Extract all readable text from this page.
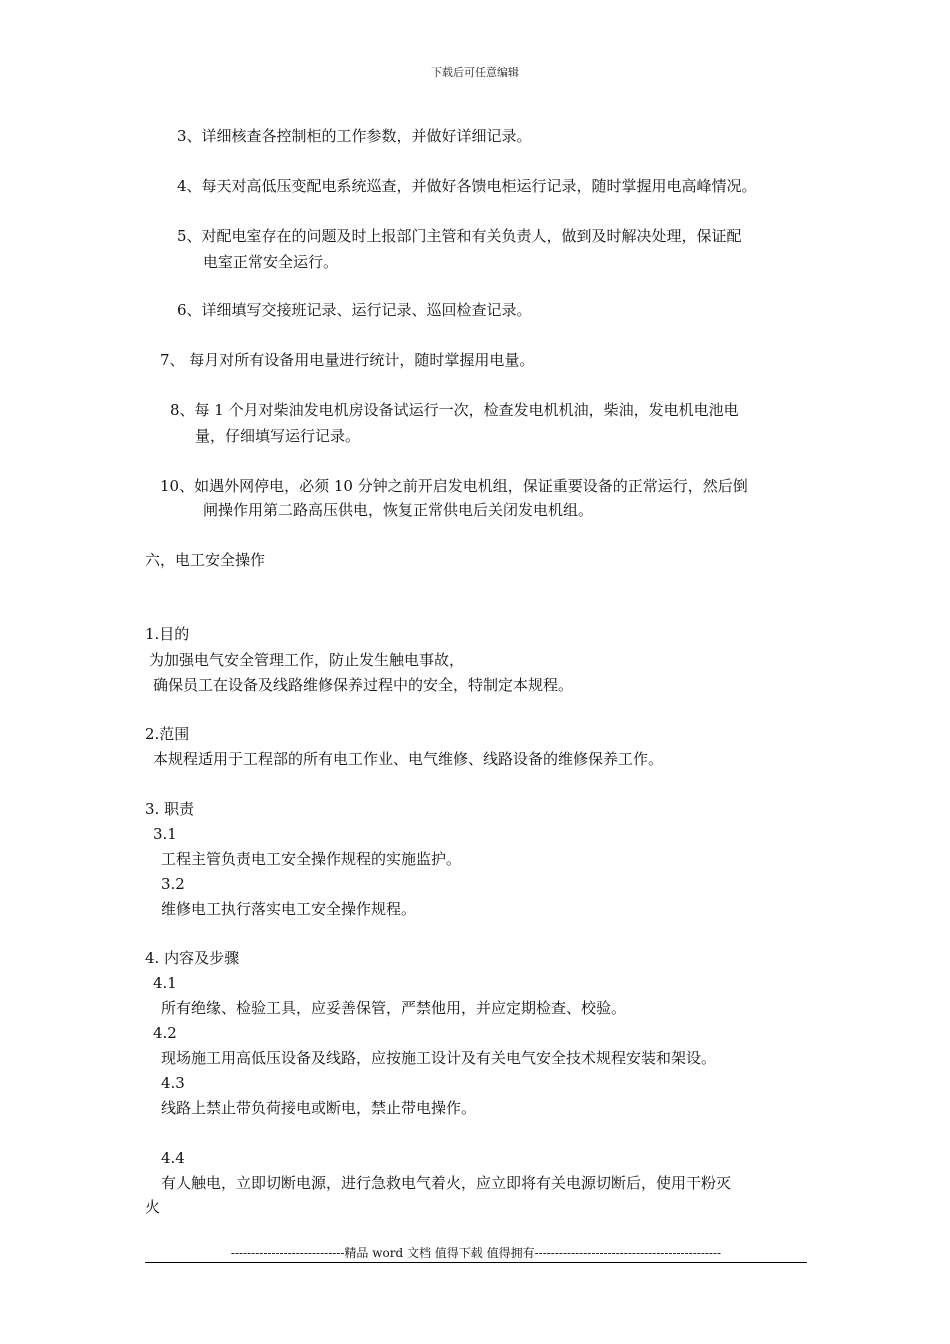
下载后可任意编辑

3、详细核查各控制柜的工作参数，并做好详细记录。

4、每天对高低压变配电系统巡查，并做好各馈电柜运行记录，随时掌握用电高峰情况。

5、对配电室存在的问题及时上报部门主管和有关负责人，做到及时解决处理，保证配

电室正常安全运行。

6、详细填写交接班记录、运行记录、巡回检查记录。

7、 每月对所有设备用电量进行统计，随时掌握用电量。

8、每 1 个月对柴油发电机房设备试运行一次，检查发电机机油，柴油，发电机电池电

量，仔细填写运行记录。

10、如遇外网停电，必须 10 分钟之前开启发电机组，保证重要设备的正常运行，然后倒

闸操作用第二路高压供电，恢复正常供电后关闭发电机组。

六，电工安全操作

1.目的

为加强电气安全管理工作，防止发生触电事故，

确保员工在设备及线路维修保养过程中的安全，特制定本规程。

2.范围

本规程适用于工程部的所有电工作业、电气维修、线路设备的维修保养工作。

3. 职责

3.1

工程主管负责电工安全操作规程的实施监护。

3.2

维修电工执行落实电工安全操作规程。

4. 内容及步骤

4.1

所有绝缘、检验工具，应妥善保管，严禁他用，并应定期检查、校验。

4.2

现场施工用高低压设备及线路，应按施工设计及有关电气安全技术规程安装和架设。

4.3

线路上禁止带负荷接电或断电，禁止带电操作。

4.4

有人触电，立即切断电源，进行急救电气着火，应立即将有关电源切断后，使用干粉灭

火

----------------------------精品 word 文档 值得下载 值得拥有----------------------------------------------
